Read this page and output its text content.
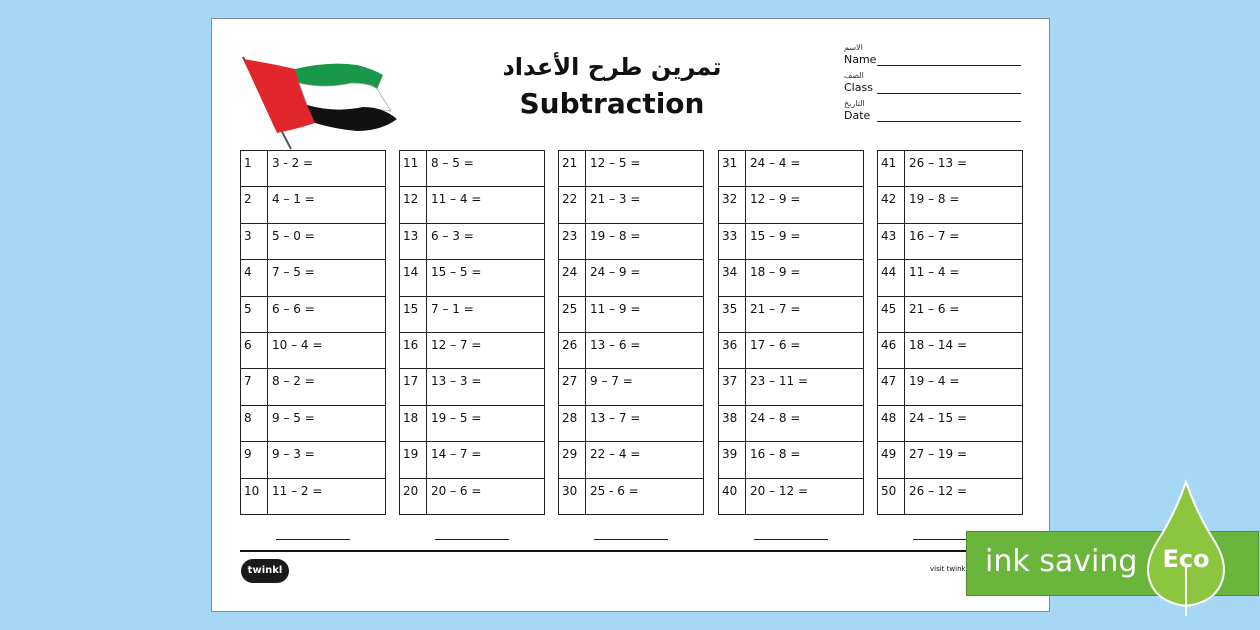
تمرين طرح الأعداد
Subtraction
الاسم
Name
الصف
Class
التاريخ
Date
1	3 - 2 =
2	4 – 1 =
3	5 – 0 =
4	7 – 5 =
5	6 – 6 =
6	10 – 4 =
7	8 – 2 =
8	9 – 5 =
9	9 – 3 =
10	11 – 2 =
11	8 – 5 =
12	11 – 4 =
13	6 – 3 =
14	15 – 5 =
15	7 – 1 =
16	12 – 7 =
17	13 – 3 =
18	19 – 5 =
19	14 – 7 =
20	20 – 6 =
21	12 – 5 =
22	21 – 3 =
23	19 – 8 =
24	24 – 9 =
25	11 – 9 =
26	13 – 6 =
27	9 – 7 =
28	13 – 7 =
29	22 – 4 =
30	25 - 6 =
31	24 – 4 =
32	12 – 9 =
33	15 – 9 =
34	18 – 9 =
35	21 – 7 =
36	17 – 6 =
37	23 – 11 =
38	24 – 8 =
39	16 – 8 =
40	20 – 12 =
41	26 – 13 =
42	19 – 8 =
43	16 – 7 =
44	11 – 4 =
45	21 – 6 =
46	18 – 14 =
47	19 – 4 =
48	24 – 15 =
49	27 – 19 =
50	26 – 12 =
twinkl	visit twink ink saving Eco
